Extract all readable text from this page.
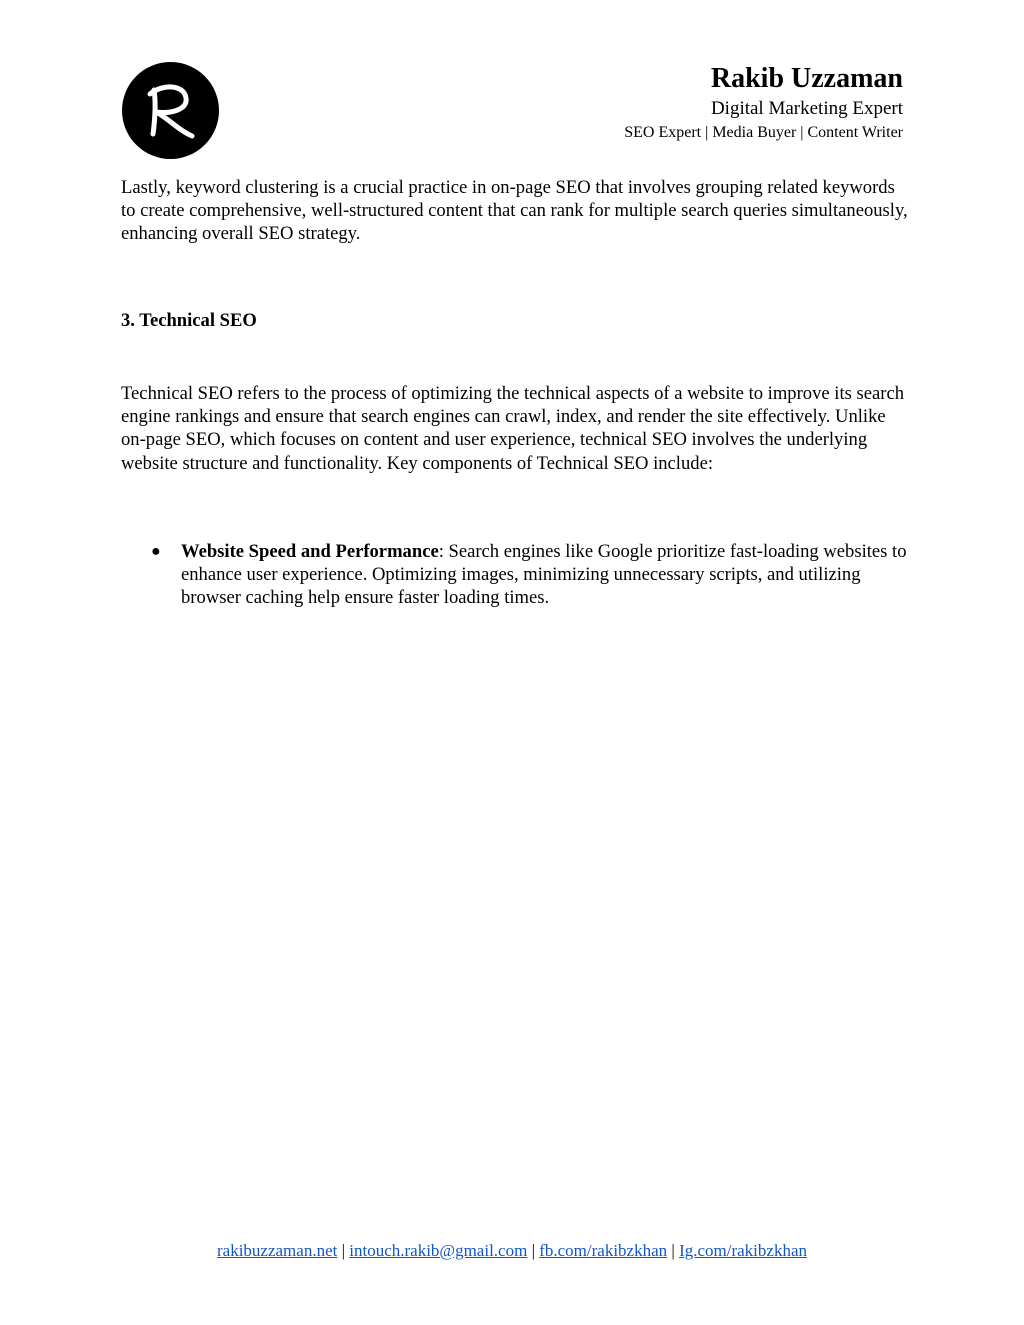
Rakib Uzzaman

Digital Marketing Expert

SEO Expert | Media Buyer | Content Writer

Lastly, keyword clustering is a crucial practice in on-page SEO that involves grouping related keywords to create comprehensive, well-structured content that can rank for multiple search queries simultaneously, enhancing overall SEO strategy.

3. Technical SEO

Technical SEO refers to the process of optimizing the technical aspects of a website to improve its search engine rankings and ensure that search engines can crawl, index, and render the site effectively. Unlike on-page SEO, which focuses on content and user experience, technical SEO involves the underlying website structure and functionality. Key components of Technical SEO include:

● Website Speed and Performance: Search engines like Google prioritize fast-loading websites to enhance user experience. Optimizing images, minimizing unnecessary scripts, and utilizing browser caching help ensure faster loading times.

rakibuzzaman.net | intouch.rakib@gmail.com | fb.com/rakibzkhan | Ig.com/rakibzkhan
